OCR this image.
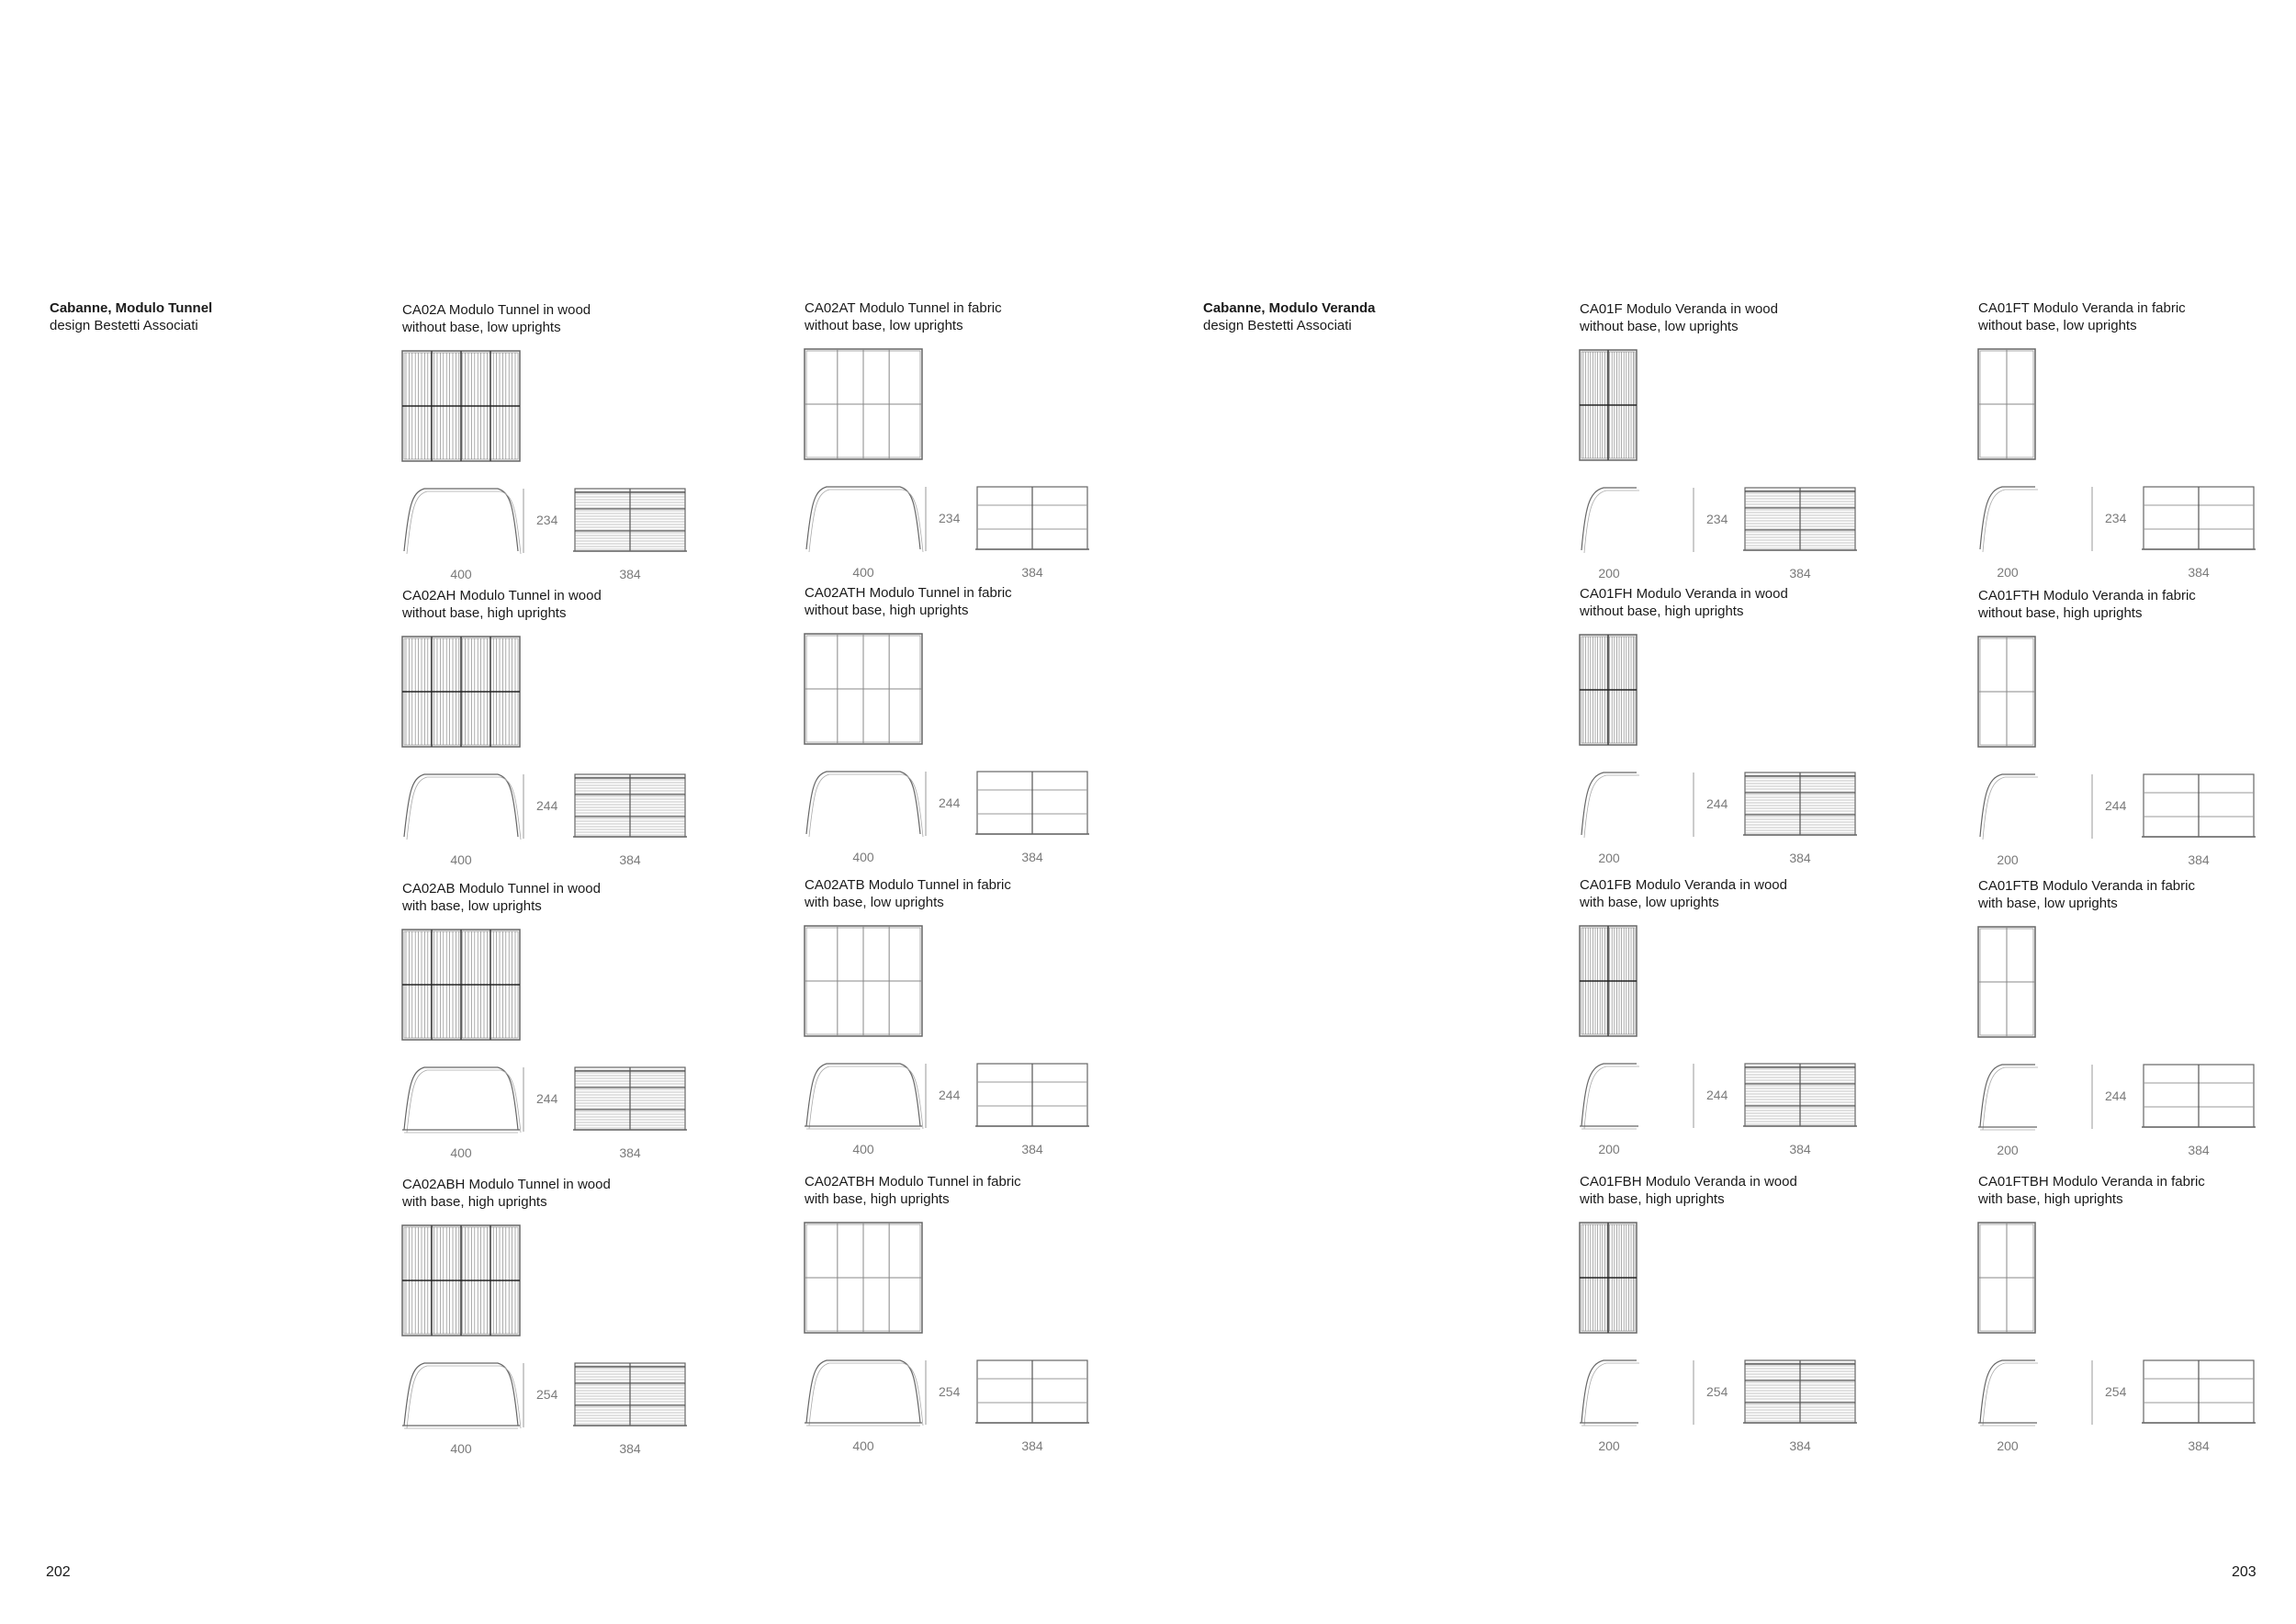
Cabanne, Modulo Tunnel
design Bestetti Associati
Cabanne, Modulo Veranda
design Bestetti Associati
CA02A Modulo Tunnel in wood
without base, low uprights
234
400	384
CA02AH Modulo Tunnel in wood
without base, high uprights
244
400	384
CA02AB Modulo Tunnel in wood
with base, low uprights
244
400	384
CA02ABH Modulo Tunnel in wood
with base, high uprights
254
400	384
CA02AT Modulo Tunnel in fabric
without base, low uprights
234
400	384
CA02ATH Modulo Tunnel in fabric
without base, high uprights
244
400	384
CA02ATB Modulo Tunnel in fabric
with base, low uprights
244
400	384
CA02ATBH Modulo Tunnel in fabric
with base, high uprights
254
400	384
CA01F Modulo Veranda in wood
without base, low uprights
234
200	384
CA01FH Modulo Veranda in wood
without base, high uprights
244
200	384
CA01FB Modulo Veranda in wood
with base, low uprights
244
200	384
CA01FBH Modulo Veranda in wood
with base, high uprights
254
200	384
CA01FT Modulo Veranda in fabric
without base, low uprights
234
200	384
CA01FTH Modulo Veranda in fabric
without base, high uprights
244
200	384
CA01FTB Modulo Veranda in fabric
with base, low uprights
244
200	384
CA01FTBH Modulo Veranda in fabric
with base, high uprights
254
200	384
202	203
